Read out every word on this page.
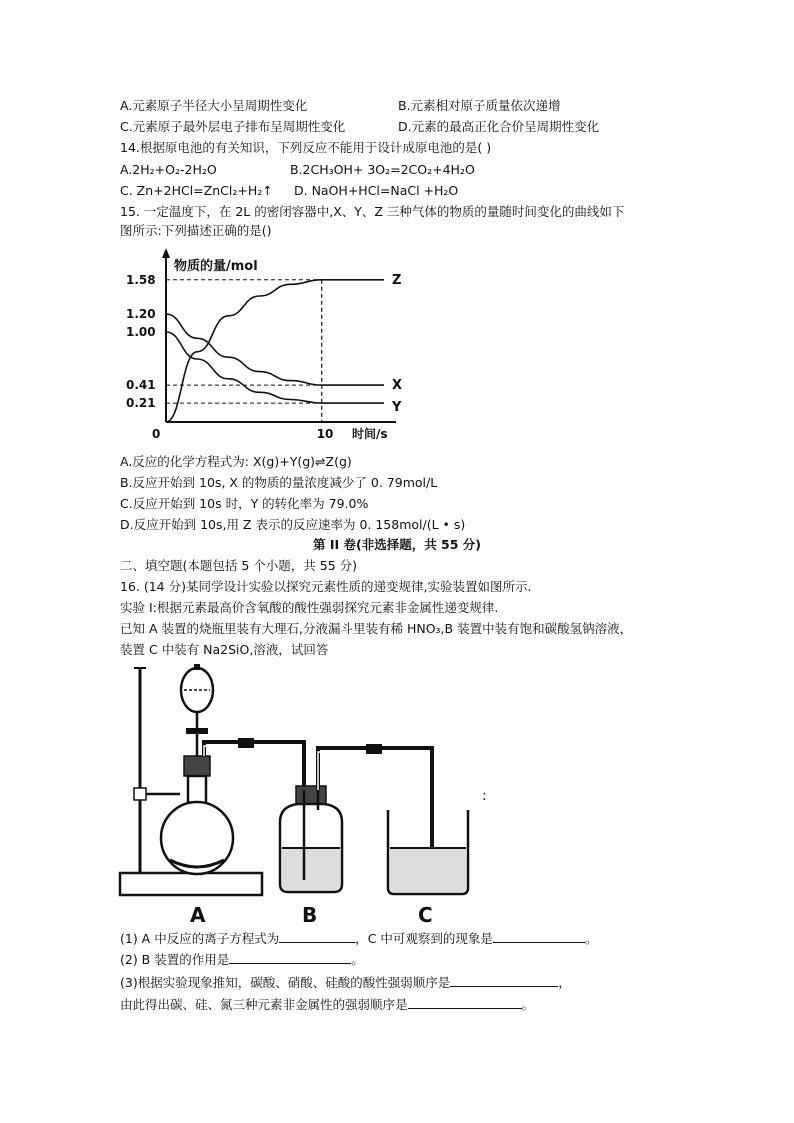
A.元素原子半径大小呈周期性变化	B.元素相对原子质量依次递增
C.元素原子最外层电子排布呈周期性变化	D.元素的最高正化合价呈周期性变化
14.根据原电池的有关知识，下列反应不能用于设计成原电池的是( )
A.2H₂+O₂-2H₂O	B.2CH₃OH+ 3O₂=2CO₂+4H₂O
C. Zn+2HCl=ZnCl₂+H₂↑ D. NaOH+HCl=NaCl +H₂O
15. 一定温度下，在 2L 的密闭容器中,X、Y、Z 三种气体的物质的量随时间变化的曲线如下
图所示:下列描述正确的是()
物质的量/mol
时间/s
0	10
0.21
0.41
1.00
1.20
1.58	Z
X
Y
A.反应的化学方程式为: X(g)+Y(g)⇌Z(g)
B.反应开始到 10s, X 的物质的量浓度减少了 0. 79mol/L
C.反应开始到 10s 时，Y 的转化率为 79.0%
D.反应开始到 10s,用 Z 表示的反应速率为 0. 158mol/(L • s)
第 II 卷(非选择题，共 55 分)
二、填空题(本题包括 5 个小题，共 55 分)
16. (14 分)某同学设计实验以探究元素性质的递变规律,实验装置如图所示.
实验 I:根据元素最高价含氧酸的酸性强弱探究元素非金属性递变规律.
已知 A 装置的烧瓶里装有大理石,分液漏斗里装有稀 HNO₃,B 装置中装有饱和碳酸氢钠溶液，
装置 C 中装有 Na2SiO,溶液，试回答
:
A	B	C
(1) A 中反应的离子方程式为	，C 中可观察到的现象是	。
(2) B 装置的作用是	。
(3)根据实验现象推知，碳酸、硝酸、硅酸的酸性强弱顺序是	，
由此得出碳、硅、氮三种元素非金属性的强弱顺序是	。
